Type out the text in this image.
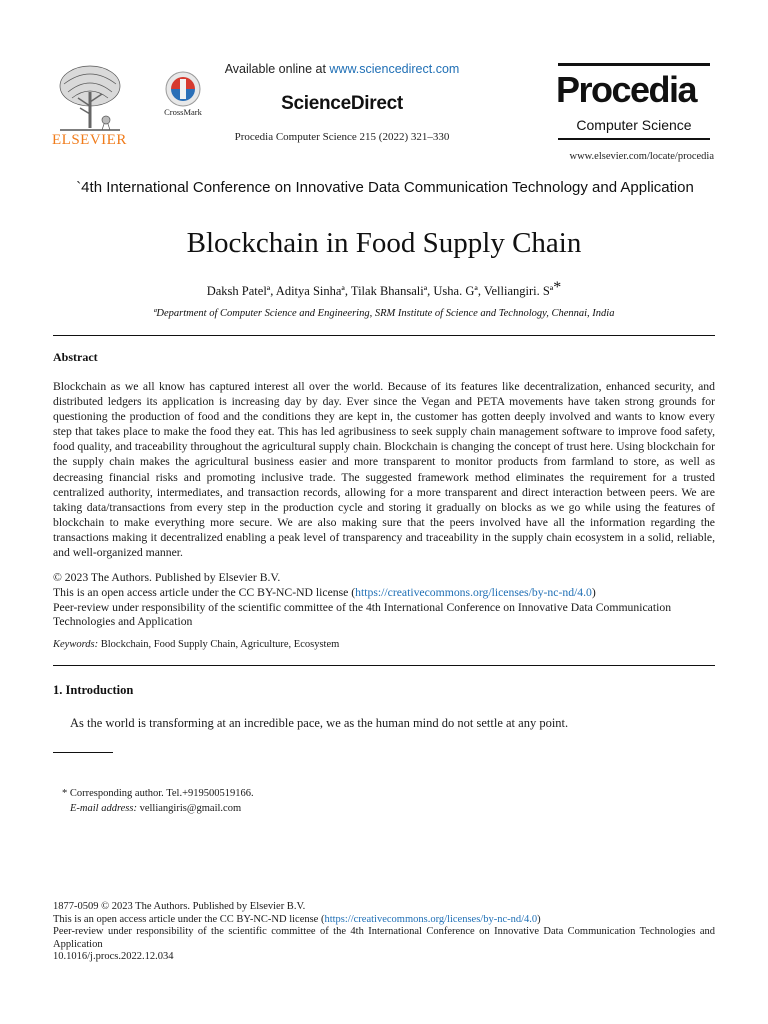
ELSEVIER
CrossMark
Available online at www.sciencedirect.com
ScienceDirect
Procedia Computer Science 215 (2022) 321–330
Procedia
Computer Science
www.elsevier.com/locate/procedia
`4th International Conference on Innovative Data Communication Technology and Application
Blockchain in Food Supply Chain
Daksh Patelª, Aditya Sinhaª, Tilak Bhansaliª, Usha. Gª, Velliangiri. Sª*
ªDepartment of Computer Science and Engineering, SRM Institute of Science and Technology, Chennai, India
Abstract
Blockchain as we all know has captured interest all over the world. Because of its features like decentralization, enhanced security, and distributed ledgers its application is increasing day by day. Ever since the Vegan and PETA movements have taken strong grounds for questioning the production of food and the conditions they are kept in, the customer has gotten deeply involved and wants to know every step that takes place to make the food they eat. This has led agribusiness to seek supply chain management software to improve food safety, food quality, and traceability throughout the agricultural supply chain. Blockchain is changing the concept of trust here. Using blockchain for the supply chain makes the agricultural business easier and more transparent to monitor products from farmland to store, as well as decreasing financial risks and promoting inclusive trade. The suggested framework method eliminates the requirement for a trusted centralized authority, intermediates, and transaction records, allowing for a more transparent and direct interaction between peers. We are taking data/transactions from every step in the production cycle and storing it gradually on blocks as we go while using the features of blockchain to make everything more secure. We are also making sure that the peers involved have all the information regarding the transactions making it decentralized enabling a peak level of transparency and traceability in the supply chain ecosystem in a solid, reliable, and well-organized manner.
© 2023 The Authors. Published by Elsevier B.V.
This is an open access article under the CC BY-NC-ND license (https://creativecommons.org/licenses/by-nc-nd/4.0)
Peer-review under responsibility of the scientific committee of the 4th International Conference on Innovative Data Communication Technologies and Application
Keywords: Blockchain, Food Supply Chain, Agriculture, Ecosystem
1. Introduction
As the world is transforming at an incredible pace, we as the human mind do not settle at any point.
* Corresponding author. Tel.+919500519166.
E-mail address: velliangiris@gmail.com
1877-0509 © 2023 The Authors. Published by Elsevier B.V.
This is an open access article under the CC BY-NC-ND license (https://creativecommons.org/licenses/by-nc-nd/4.0)
Peer-review under responsibility of the scientific committee of the 4th International Conference on Innovative Data Communication Technologies and Application
10.1016/j.procs.2022.12.034
